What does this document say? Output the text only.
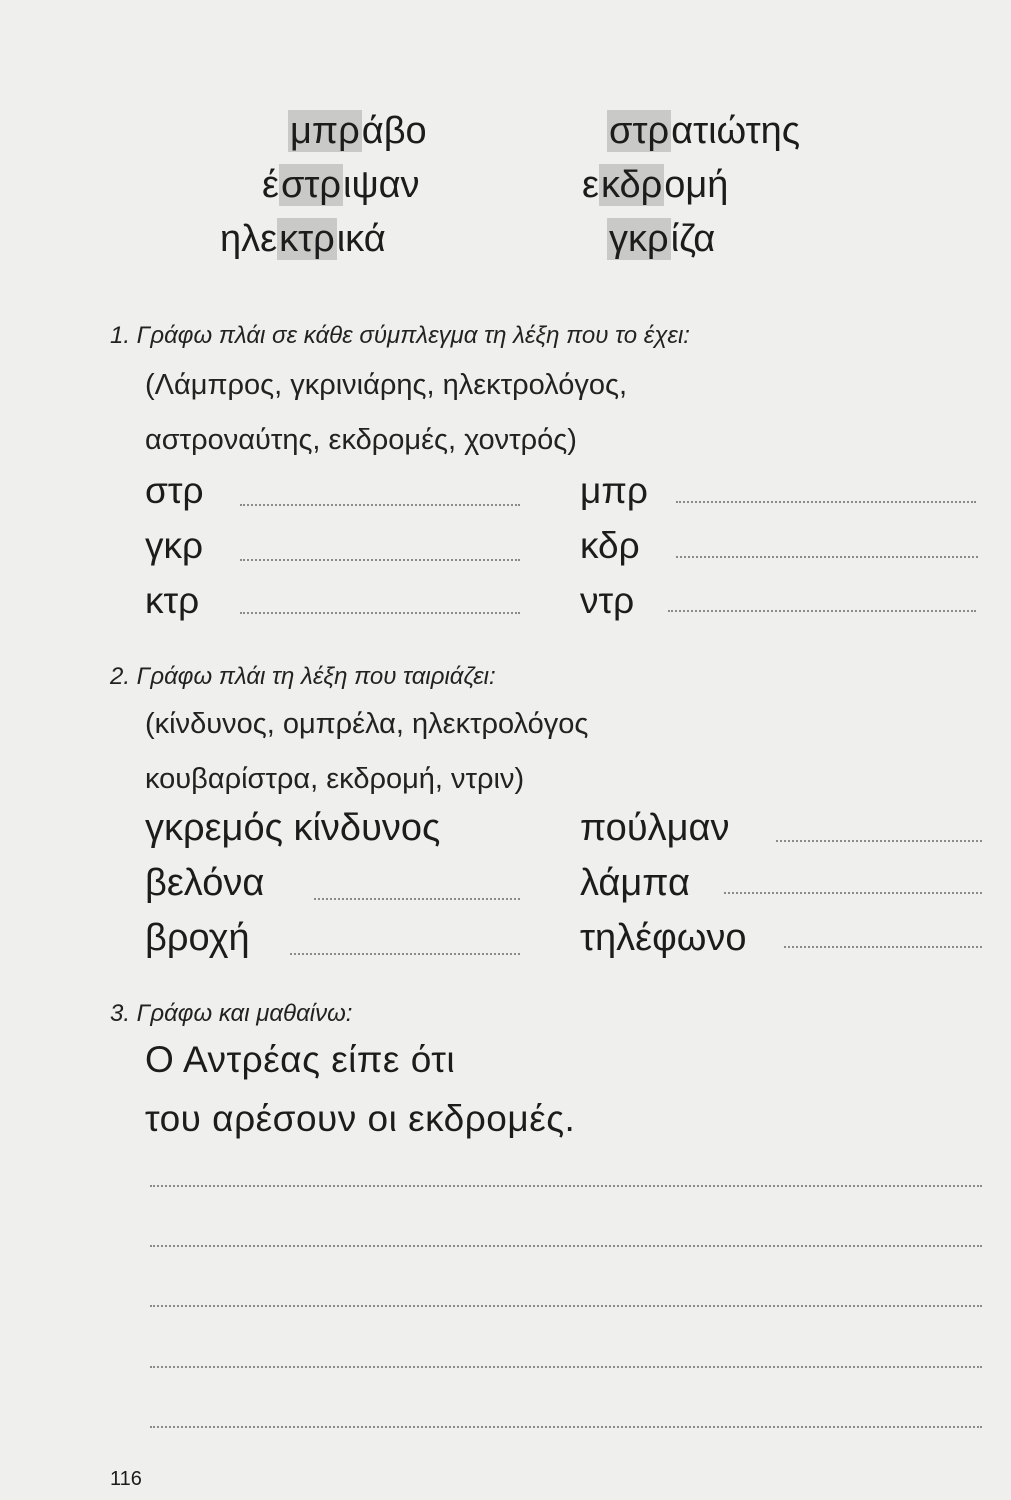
μπράβο
έστριψαν
ηλεκτρικά
στρατιώτης
εκδρομή
γκρίζα
1. Γράφω πλάι σε κάθε σύμπλεγμα τη λέξη που το έχει:
(Λάμπρος, γκρινιάρης, ηλεκτρολόγος,
αστροναύτης, εκδρομές, χοντρός)
στρ
γκρ
κτρ
μπρ
κδρ
ντρ
2. Γράφω πλάι τη λέξη που ταιριάζει:
(κίνδυνος, ομπρέλα, ηλεκτρολόγος
κουβαρίστρα, εκδρομή, ντριν)
γκρεμός κίνδυνος
βελόνα
βροχή
πούλμαν
λάμπα
τηλέφωνο
3. Γράφω και μαθαίνω:
Ο Αντρέας είπε ότι
του αρέσουν οι εκδρομές.
116
